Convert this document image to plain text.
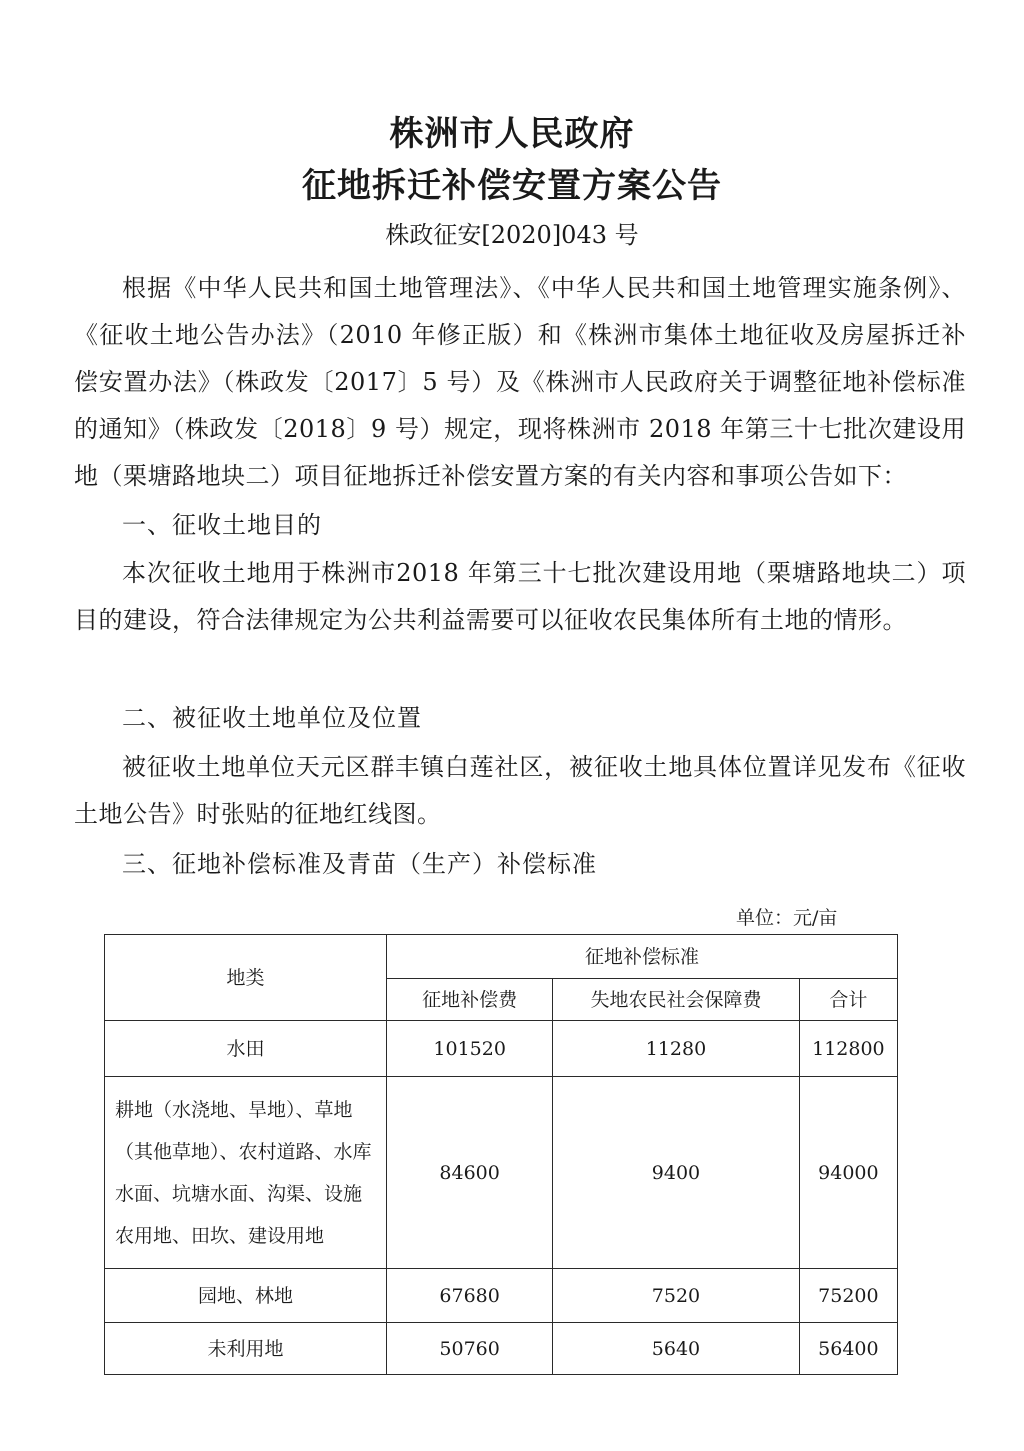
株洲市人民政府
征地拆迁补偿安置方案公告
株政征安[2020]043 号

根据《中华人民共和国土地管理法》、《中华人民共和国土地管理实施条例》、《征收土地公告办法》（2010 年修正版）和《株洲市集体土地征收及房屋拆迁补偿安置办法》（株政发〔2017〕5 号）及《株洲市人民政府关于调整征地补偿标准的通知》（株政发〔2018〕9 号）规定，现将株洲市 2018 年第三十七批次建设用地（栗塘路地块二）项目征地拆迁补偿安置方案的有关内容和事项公告如下：

一、征收土地目的

本次征收土地用于株洲市2018 年第三十七批次建设用地（栗塘路地块二）项目的建设，符合法律规定为公共利益需要可以征收农民集体所有土地的情形。

二、被征收土地单位及位置

被征收土地单位天元区群丰镇白莲社区，被征收土地具体位置详见发布《征收土地公告》时张贴的征地红线图。

三、征地补偿标准及青苗（生产）补偿标准
单位：元/亩
地类	征地补偿标准		
	征地补偿费	失地农民社会保障费	合计
水田	101520	11280	112800
耕地（水浇地、旱地）、草地（其他草地）、农村道路、水库水面、坑塘水面、沟渠、设施农用地、田坎、建设用地	84600	9400	94000
园地、林地	67680	7520	75200
未利用地	50760	5640	56400
